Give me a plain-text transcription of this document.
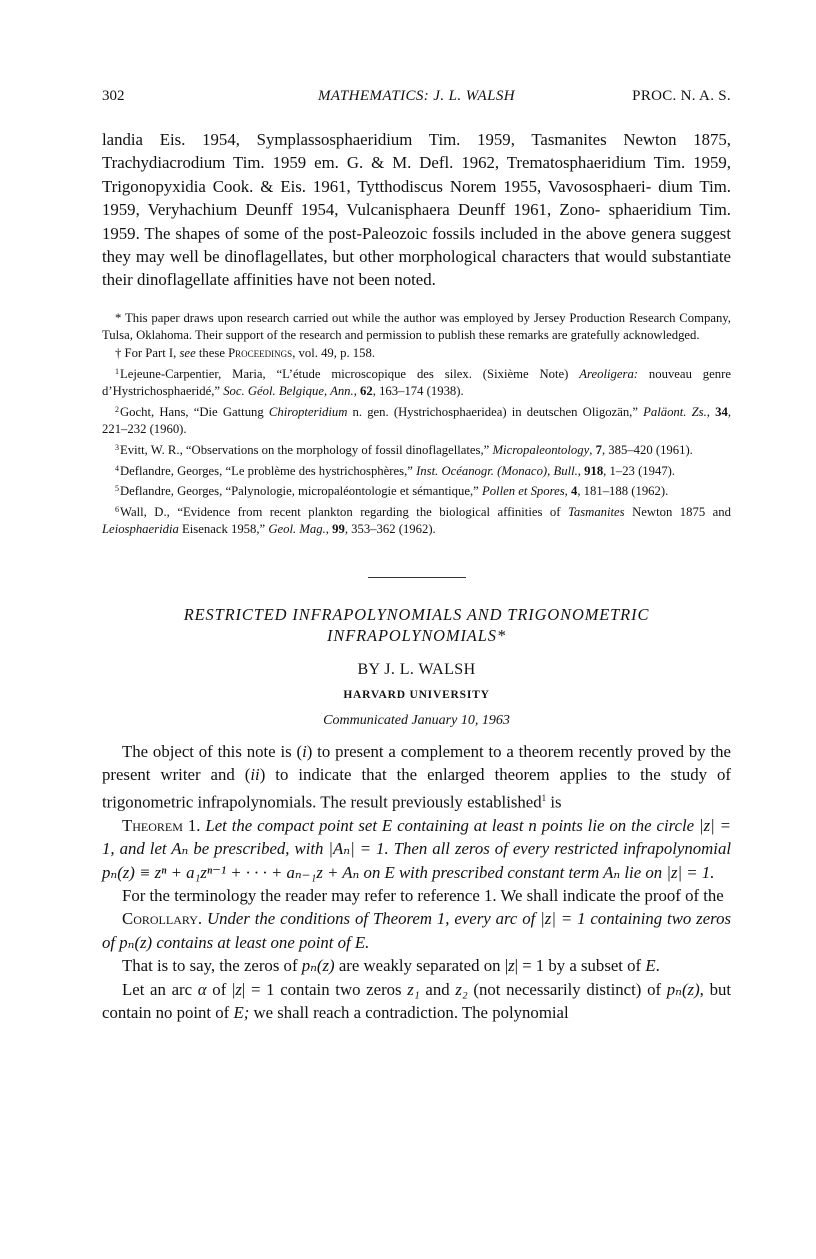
302	MATHEMATICS: J. L. WALSH	PROC. N. A. S.

landia Eis. 1954, Symplassosphaeridium Tim. 1959, Tasmanites Newton 1875, Trachydiacrodium Tim. 1959 em. G. & M. Defl. 1962, Trematosphaeridium Tim. 1959, Trigonopyxidia Cook. & Eis. 1961, Tytthodiscus Norem 1955, Vavososphaeri- dium Tim. 1959, Veryhachium Deunff 1954, Vulcanisphaera Deunff 1961, Zono- sphaeridium Tim. 1959. The shapes of some of the post-Paleozoic fossils included in the above genera suggest they may well be dinoflagellates, but other morphological characters that would substantiate their dinoflagellate affinities have not been noted.

* This paper draws upon research carried out while the author was employed by Jersey Production Research Company, Tulsa, Oklahoma. Their support of the research and permission to publish these remarks are gratefully acknowledged.

† For Part I, see these Proceedings, vol. 49, p. 158.

$^1$Lejeune-Carpentier, Maria, “L’étude microscopique des silex. (Sixième Note) Areoligera: nouveau genre d’Hystrichosphaeridé,” Soc. Géol. Belgique, Ann., 62, 163–174 (1938).

$^2$Gocht, Hans, “Die Gattung Chiropteridium n. gen. (Hystrichosphaeridea) in deutschen Oligozän,” Paläont. Zs., 34, 221–232 (1960).

$^3$Evitt, W. R., “Observations on the morphology of fossil dinoflagellates,” Micropaleontology, 7, 385–420 (1961).

$^4$Deflandre, Georges, “Le problème des hystrichosphères,” Inst. Océanogr. (Monaco), Bull., 918, 1–23 (1947).

$^5$Deflandre, Georges, “Palynologie, micropaléontologie et sémantique,” Pollen et Spores, 4, 181–188 (1962).

$^6$Wall, D., “Evidence from recent plankton regarding the biological affinities of Tasmanites Newton 1875 and Leiosphaeridia Eisenack 1958,” Geol. Mag., 99, 353–362 (1962).

RESTRICTED INFRAPOLYNOMIALS AND TRIGONOMETRIC
INFRAPOLYNOMIALS*
BY J. L. WALSH
HARVARD UNIVERSITY
Communicated January 10, 1963

The object of this note is (i) to present a complement to a theorem recently proved by the present writer and (ii) to indicate that the enlarged theorem applies to the study of trigonometric infrapolynomials. The result previously established$^1$ is

Theorem 1. Let the compact point set E containing at least n points lie on the circle |z| = 1, and let Aₙ be prescribed, with |Aₙ| = 1. Then all zeros of every restricted infrapolynomial pₙ(z) ≡ zⁿ + a₁zⁿ⁻¹ + · · · + aₙ₋₁z + Aₙ on E with prescribed constant term Aₙ lie on |z| = 1.

For the terminology the reader may refer to reference 1. We shall indicate the proof of the

Corollary. Under the conditions of Theorem 1, every arc of |z| = 1 containing two zeros of pₙ(z) contains at least one point of E.

That is to say, the zeros of pₙ(z) are weakly separated on |z| = 1 by a subset of E.

Let an arc α of |z| = 1 contain two zeros z₁ and z₂ (not necessarily distinct) of pₙ(z), but contain no point of E; we shall reach a contradiction. The polynomial
